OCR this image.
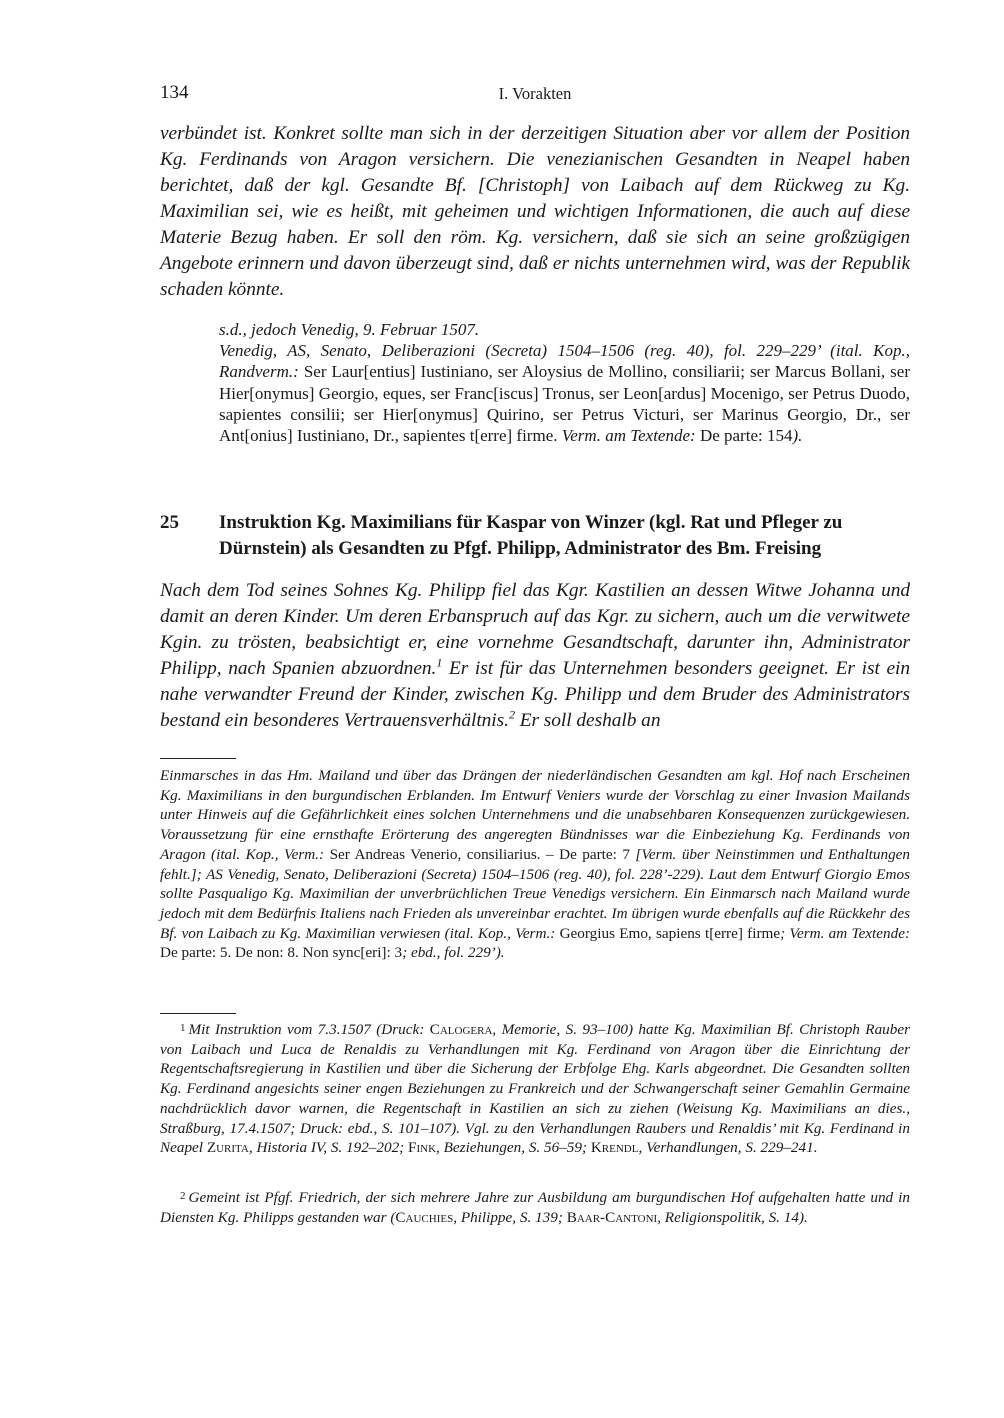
134	I. Vorakten
verbündet ist. Konkret sollte man sich in der derzeitigen Situation aber vor allem der Position Kg. Ferdinands von Aragon versichern. Die venezianischen Gesandten in Neapel haben berichtet, daß der kgl. Gesandte Bf. [Christoph] von Laibach auf dem Rückweg zu Kg. Maximilian sei, wie es heißt, mit geheimen und wichtigen Informationen, die auch auf diese Materie Bezug haben. Er soll den röm. Kg. versichern, daß sie sich an seine großzügigen Angebote erinnern und davon überzeugt sind, daß er nichts unternehmen wird, was der Republik schaden könnte.
s.d., jedoch Venedig, 9. Februar 1507.
Venedig, AS, Senato, Deliberazioni (Secreta) 1504–1506 (reg. 40), fol. 229–229’ (ital. Kop., Randverm.: Ser Laur[entius] Iustiniano, ser Aloysius de Mollino, consiliarii; ser Marcus Bollani, ser Hier[onymus] Georgio, eques, ser Franc[iscus] Tronus, ser Leon[ardus] Mocenigo, ser Petrus Duodo, sapientes consilii; ser Hier[onymus] Quirino, ser Petrus Victuri, ser Marinus Georgio, Dr., ser Ant[onius] Iustiniano, Dr., sapientes t[erre] firme. Verm. am Textende: De parte: 154).
25 Instruktion Kg. Maximilians für Kaspar von Winzer (kgl. Rat und Pfleger zu Dürnstein) als Gesandten zu Pfgf. Philipp, Administrator des Bm. Freising
Nach dem Tod seines Sohnes Kg. Philipp fiel das Kgr. Kastilien an dessen Witwe Johanna und damit an deren Kinder. Um deren Erbanspruch auf das Kgr. zu sichern, auch um die verwitwete Kgin. zu trösten, beabsichtigt er, eine vornehme Gesandtschaft, darunter ihn, Administrator Philipp, nach Spanien abzuordnen.$^1$ Er ist für das Unternehmen besonders geeignet. Er ist ein nahe verwandter Freund der Kinder, zwischen Kg. Philipp und dem Bruder des Administrators bestand ein besonderes Vertrauensverhältnis.$^2$ Er soll deshalb an
Einmarsches in das Hm. Mailand und über das Drängen der niederländischen Gesandten am kgl. Hof nach Erscheinen Kg. Maximilians in den burgundischen Erblanden. Im Entwurf Veniers wurde der Vorschlag zu einer Invasion Mailands unter Hinweis auf die Gefährlichkeit eines solchen Unternehmens und die unabsehbaren Konsequenzen zurückgewiesen. Voraussetzung für eine ernsthafte Erörterung des angeregten Bündnisses war die Einbeziehung Kg. Ferdinands von Aragon (ital. Kop., Verm.: Ser Andreas Venerio, consiliarius. – De parte: 7 [Verm. über Neinstimmen und Enthaltungen fehlt.]; AS Venedig, Senato, Deliberazioni (Secreta) 1504–1506 (reg. 40), fol. 228’-229). Laut dem Entwurf Giorgio Emos sollte Pasqualigo Kg. Maximilian der unverbrüchlichen Treue Venedigs versichern. Ein Einmarsch nach Mailand wurde jedoch mit dem Bedürfnis Italiens nach Frieden als unvereinbar erachtet. Im übrigen wurde ebenfalls auf die Rückkehr des Bf. von Laibach zu Kg. Maximilian verwiesen (ital. Kop., Verm.: Georgius Emo, sapiens t[erre] firme; Verm. am Textende: De parte: 5. De non: 8. Non sync[eri]: 3; ebd., fol. 229’).
1 Mit Instruktion vom 7.3.1507 (Druck: Calogera, Memorie, S. 93–100) hatte Kg. Maximilian Bf. Christoph Rauber von Laibach und Luca de Renaldis zu Verhandlungen mit Kg. Ferdinand von Aragon über die Einrichtung der Regentschaftsregierung in Kastilien und über die Sicherung der Erbfolge Ehg. Karls abgeordnet. Die Gesandten sollten Kg. Ferdinand angesichts seiner engen Beziehungen zu Frankreich und der Schwangerschaft seiner Gemahlin Germaine nachdrücklich davor warnen, die Regentschaft in Kastilien an sich zu ziehen (Weisung Kg. Maximilians an dies., Straßburg, 17.4.1507; Druck: ebd., S. 101–107). Vgl. zu den Verhandlungen Raubers und Renaldis’ mit Kg. Ferdinand in Neapel Zurita, Historia IV, S. 192–202; Fink, Beziehungen, S. 56–59; Krendl, Verhandlungen, S. 229–241.
2 Gemeint ist Pfgf. Friedrich, der sich mehrere Jahre zur Ausbildung am burgundischen Hof aufgehalten hatte und in Diensten Kg. Philipps gestanden war (Cauchies, Philippe, S. 139; Baar-Cantoni, Religionspolitik, S. 14).
